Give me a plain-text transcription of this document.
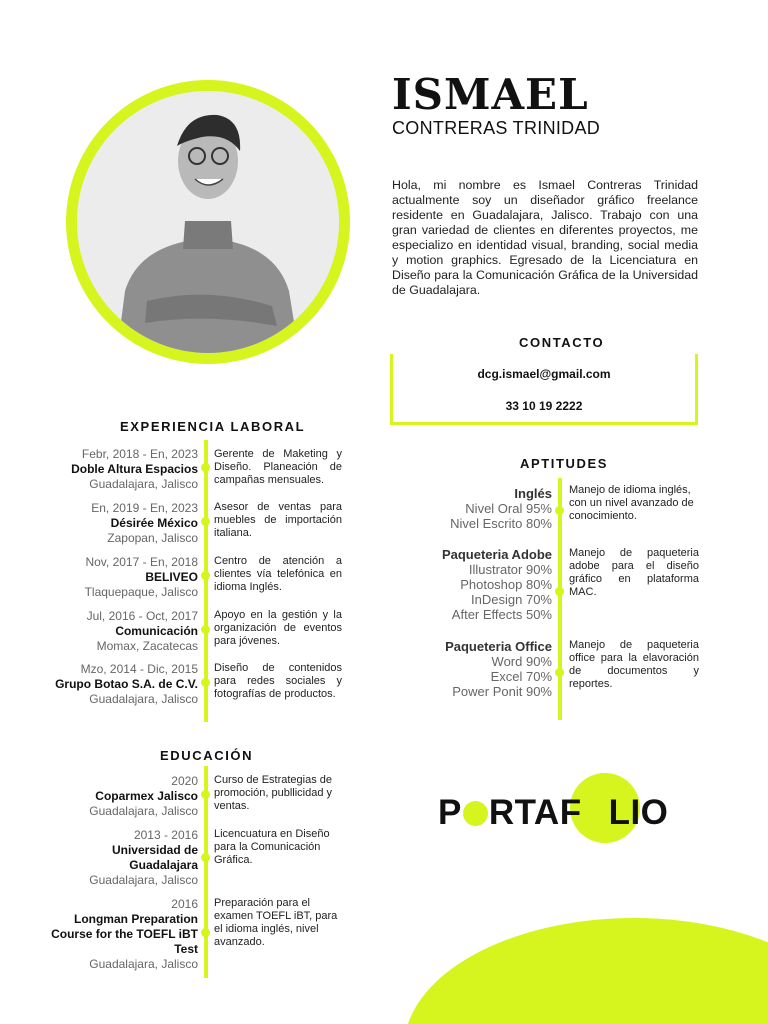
ISMAEL
CONTRERAS TRINIDAD
Hola, mi nombre es Ismael Contreras Trinidad actualmente soy un diseñador gráfico freelance residente en Guadalajara, Jalisco. Trabajo con una gran variedad de clientes en diferentes proyectos, me especializo en identidad visual, branding, social media y motion graphics. Egresado de la Licenciatura en Diseño para la Comunicación Gráfica de la Universidad de Guadalajara.
CONTACTO
dcg.ismael@gmail.com
33 10 19 2222
EXPERIENCIA LABORAL
Febr, 2018 - En, 2023
Doble Altura Espacios
Guadalajara, Jalisco
Gerente de Maketing y Diseño. Planeación de campañas mensuales.
En, 2019 - En, 2023
Désirée México
Zapopan, Jalisco
Asesor de ventas para muebles de importación italiana.
Nov, 2017 - En, 2018
BELIVEO
Tlaquepaque, Jalisco
Centro de atención a clientes vía telefónica en idioma Inglés.
Jul, 2016 - Oct, 2017
Comunicación
Momax, Zacatecas
Apoyo en la gestión y la organización de eventos para jóvenes.
Mzo, 2014 - Dic, 2015
Grupo Botao S.A. de C.V.
Guadalajara, Jalisco
Diseño de contenidos para redes sociales y fotografías de productos.
EDUCACIÓN
2020
Coparmex Jalisco
Guadalajara, Jalisco
Curso de Estrategias de promoción, publlicidad y ventas.
2013 - 2016
Universidad de Guadalajara
Guadalajara, Jalisco
Licencuatura en Diseño para la Comunicación Gráfica.
2016
Longman Preparation Course for the TOEFL iBT Test
Guadalajara, Jalisco
Preparación para el examen TOEFL iBT, para el idioma inglés, nivel avanzado.
APTITUDES
Inglés
Nivel Oral 95%
Nivel Escrito 80%
Manejo de idioma inglés, con un nivel avanzado de conocimiento.
Paqueteria Adobe
Illustrator 90%
Photoshop 80%
InDesign 70%
After Effects 50%
Manejo de paqueteria adobe para el diseño gráfico en plataforma MAC.
Paqueteria Office
Word 90%
Excel 70%
Power Ponit 90%
Manejo de paqueteria office para la elavoración de documentos y reportes.
P RTAF LIO
